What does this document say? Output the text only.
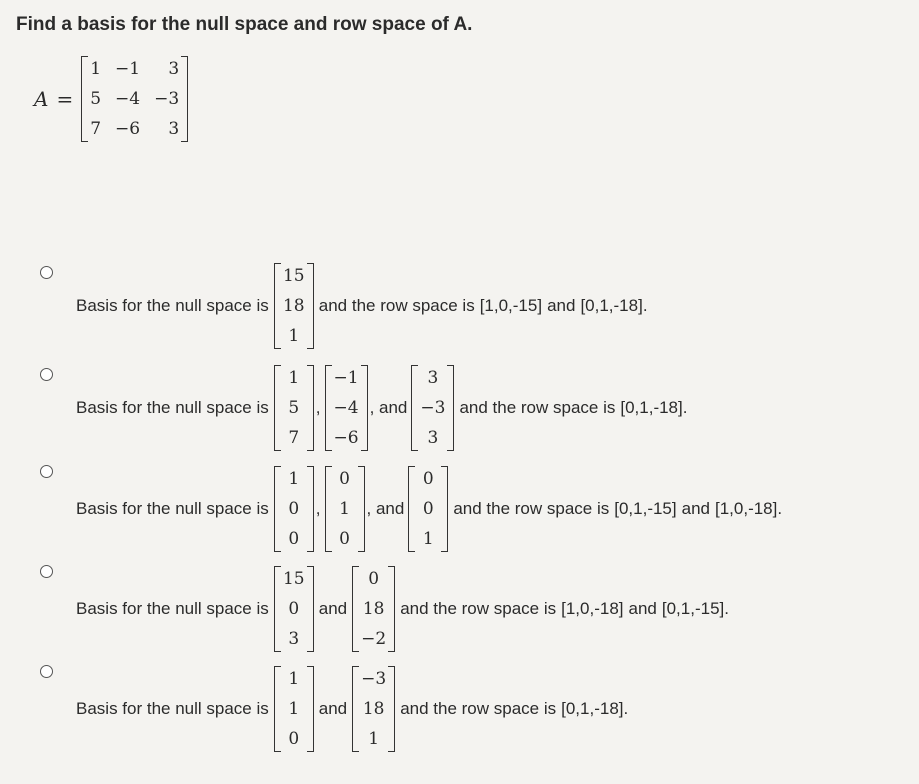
Find a basis for the null space and row space of A.
A =
1 −1	3
5 −4 −3
7 −6	3
Basis for the null space is
15
18
1
and the row space is [1,0,-15] and [0,1,-18] .
Basis for the null space is
1
5
7
,
−1
−4
−6
, and
3
−3
3
and the row space is [0,1,-18] .
Basis for the null space is
1
0
0
,
0
1
0
, and
0
0
1
and the row space is [0,1,-15] and [1,0,-18] .
Basis for the null space is
15
0
3
and
0
18
−2
and the row space is [1,0,-18] and [0,1,-15] .
Basis for the null space is
1
1
0
and
−3
18
1
and the row space is [0,1,-18] .
